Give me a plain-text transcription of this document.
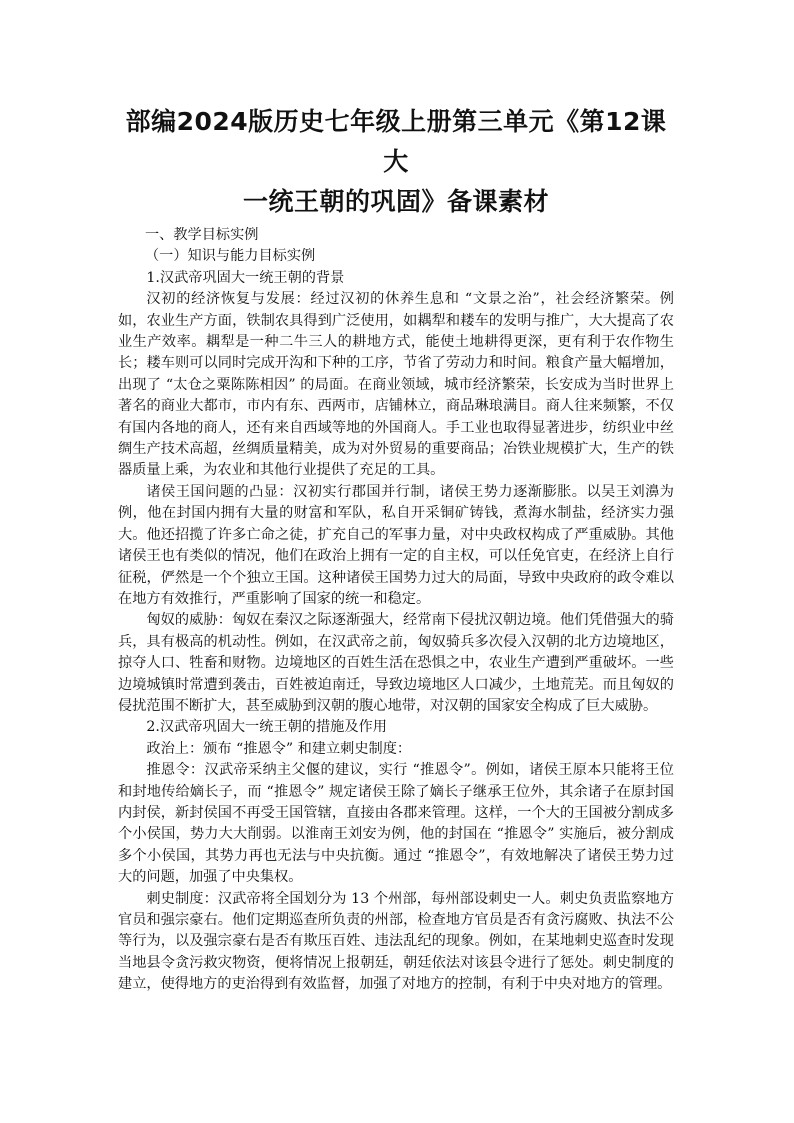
部编2024版历史七年级上册第三单元《第12课 大
一统王朝的巩固》备课素材

一、教学目标实例

（一）知识与能力目标实例

1.汉武帝巩固大一统王朝的背景

汉初的经济恢复与发展：经过汉初的休养生息和 “文景之治”，社会经济繁荣。例如，农业生产方面，铁制农具得到广泛使用，如耦犁和耧车的发明与推广，大大提高了农业生产效率。耦犁是一种二牛三人的耕地方式，能使土地耕得更深，更有利于农作物生长；耧车则可以同时完成开沟和下种的工序，节省了劳动力和时间。粮食产量大幅增加，出现了 “太仓之粟陈陈相因” 的局面。在商业领域，城市经济繁荣，长安成为当时世界上著名的商业大都市，市内有东、西两市，店铺林立，商品琳琅满目。商人往来频繁，不仅有国内各地的商人，还有来自西域等地的外国商人。手工业也取得显著进步，纺织业中丝绸生产技术高超，丝绸质量精美，成为对外贸易的重要商品；冶铁业规模扩大，生产的铁器质量上乘，为农业和其他行业提供了充足的工具。

诸侯王国问题的凸显：汉初实行郡国并行制，诸侯王势力逐渐膨胀。以吴王刘濞为例，他在封国内拥有大量的财富和军队，私自开采铜矿铸钱，煮海水制盐，经济实力强大。他还招揽了许多亡命之徒，扩充自己的军事力量，对中央政权构成了严重威胁。其他诸侯王也有类似的情况，他们在政治上拥有一定的自主权，可以任免官吏，在经济上自行征税，俨然是一个个独立王国。这种诸侯王国势力过大的局面，导致中央政府的政令难以在地方有效推行，严重影响了国家的统一和稳定。

匈奴的威胁：匈奴在秦汉之际逐渐强大，经常南下侵扰汉朝边境。他们凭借强大的骑兵，具有极高的机动性。例如，在汉武帝之前，匈奴骑兵多次侵入汉朝的北方边境地区，掠夺人口、牲畜和财物。边境地区的百姓生活在恐惧之中，农业生产遭到严重破坏。一些边境城镇时常遭到袭击，百姓被迫南迁，导致边境地区人口减少，土地荒芜。而且匈奴的侵扰范围不断扩大，甚至威胁到汉朝的腹心地带，对汉朝的国家安全构成了巨大威胁。

2.汉武帝巩固大一统王朝的措施及作用

政治上：颁布 “推恩令” 和建立刺史制度：

推恩令：汉武帝采纳主父偃的建议，实行 “推恩令”。例如，诸侯王原本只能将王位和封地传给嫡长子，而 “推恩令” 规定诸侯王除了嫡长子继承王位外，其余诸子在原封国内封侯，新封侯国不再受王国管辖，直接由各郡来管理。这样，一个大的王国被分割成多个小侯国，势力大大削弱。以淮南王刘安为例，他的封国在 “推恩令” 实施后，被分割成多个小侯国，其势力再也无法与中央抗衡。通过 “推恩令”，有效地解决了诸侯王势力过大的问题，加强了中央集权。

刺史制度：汉武帝将全国划分为 13 个州部，每州部设刺史一人。刺史负责监察地方官员和强宗豪右。他们定期巡查所负责的州部，检查地方官员是否有贪污腐败、执法不公等行为，以及强宗豪右是否有欺压百姓、违法乱纪的现象。例如，在某地刺史巡查时发现当地县令贪污救灾物资，便将情况上报朝廷，朝廷依法对该县令进行了惩处。刺史制度的建立，使得地方的吏治得到有效监督，加强了对地方的控制，有利于中央对地方的管理。
